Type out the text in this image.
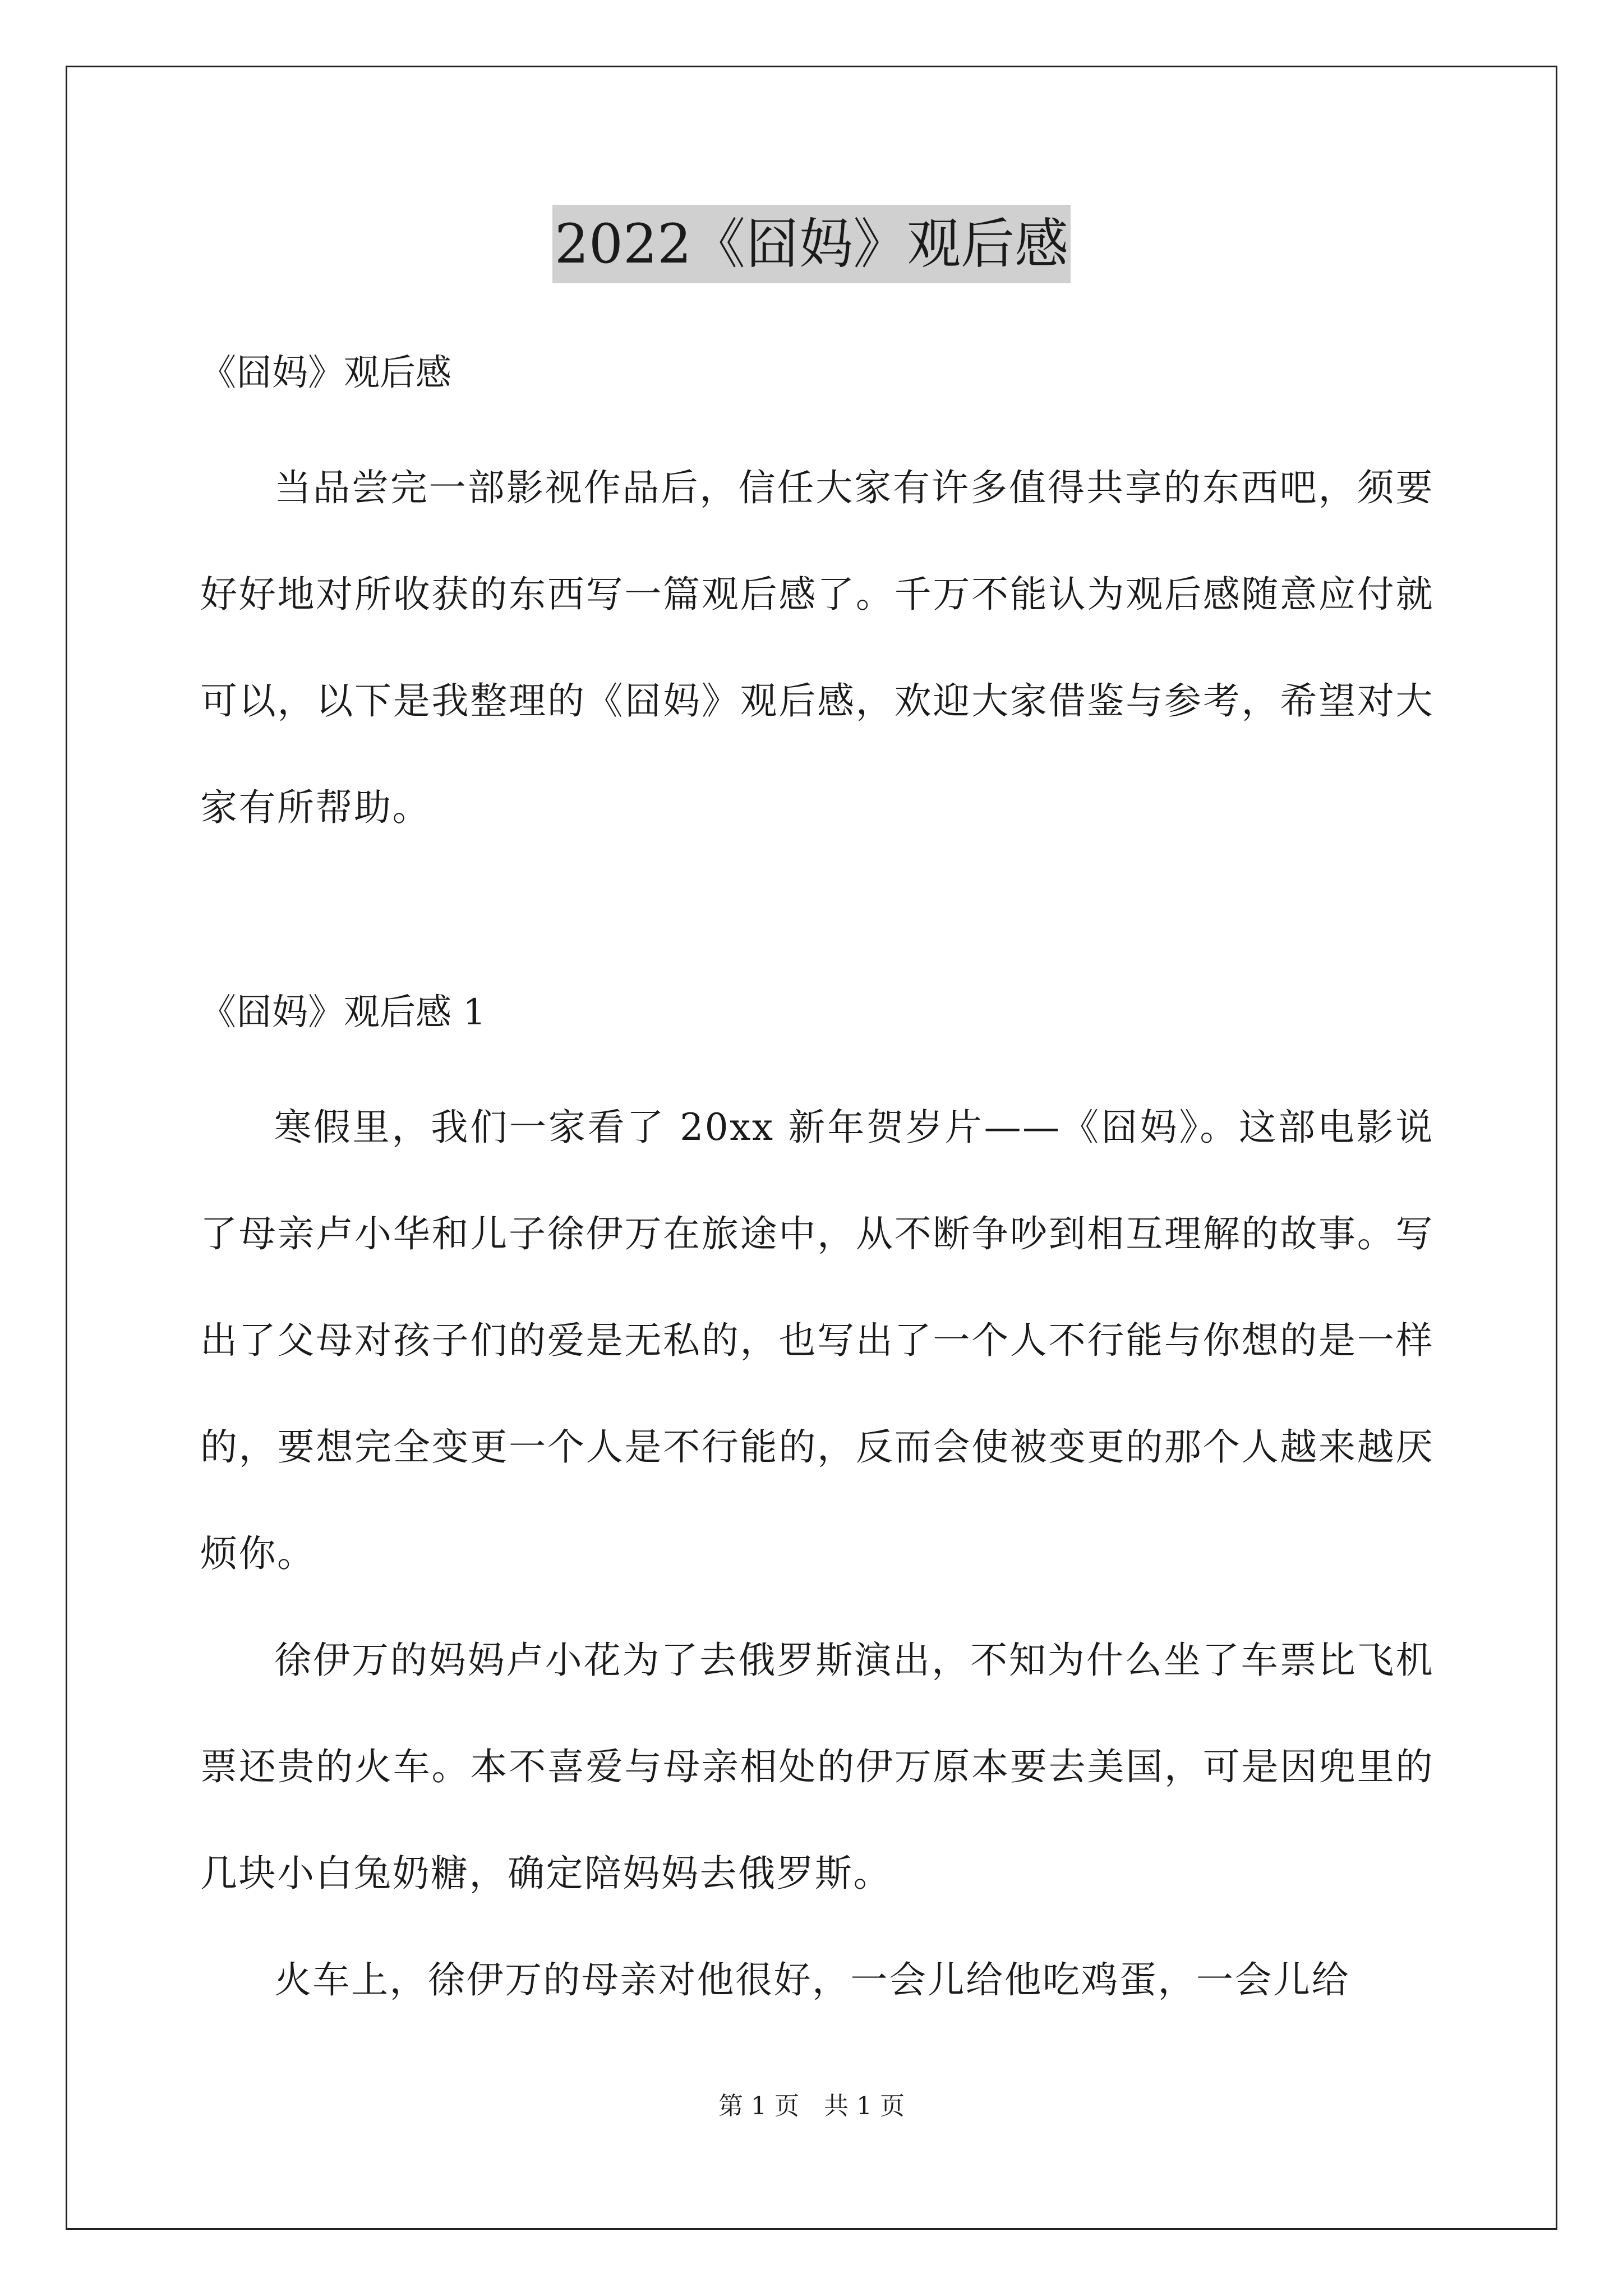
2022《囧妈》观后感
《囧妈》观后感

当品尝完一部影视作品后，信任大家有许多值得共享的东西吧，须要好好地对所收获的东西写一篇观后感了。千万不能认为观后感随意应付就可以，以下是我整理的《囧妈》观后感，欢迎大家借鉴与参考，希望对大家有所帮助。

《囧妈》观后感 1

寒假里，我们一家看了 20xx 新年贺岁片——《囧妈》。这部电影说了母亲卢小华和儿子徐伊万在旅途中，从不断争吵到相互理解的故事。写出了父母对孩子们的爱是无私的，也写出了一个人不行能与你想的是一样的，要想完全变更一个人是不行能的，反而会使被变更的那个人越来越厌烦你。

徐伊万的妈妈卢小花为了去俄罗斯演出，不知为什么坐了车票比飞机票还贵的火车。本不喜爱与母亲相处的伊万原本要去美国，可是因兜里的几块小白兔奶糖，确定陪妈妈去俄罗斯。

火车上，徐伊万的母亲对他很好，一会儿给他吃鸡蛋，一会儿给

第 1 页　共 1 页
